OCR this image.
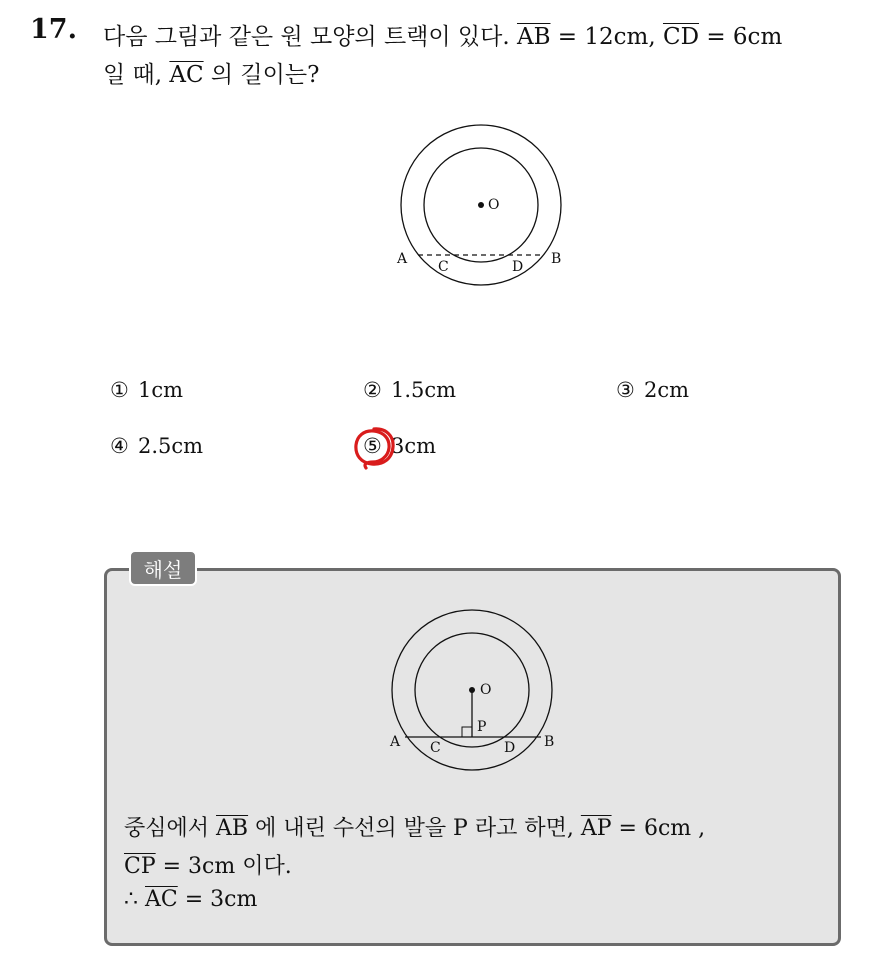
17. 다음 그림과 같은 원 모양의 트랙이 있다. $\overline{AB} = 12cm$, $\overline{CD} = 6cm$
일 때, $\overline{AC}$ 의 길이는?
O
A C	D B
① 1cm	② 1.5cm	③ 2cm
④ 2.5cm	⑤ 3cm
해설
O
P
A C	D B
중심에서 $\overline{AB}$ 에 내린 수선의 발을 P 라고 하면, $\overline{AP} = 6cm$ ,
$\overline{CP} = 3cm$ 이다.
∴ $\overline{AC} = 3cm$
